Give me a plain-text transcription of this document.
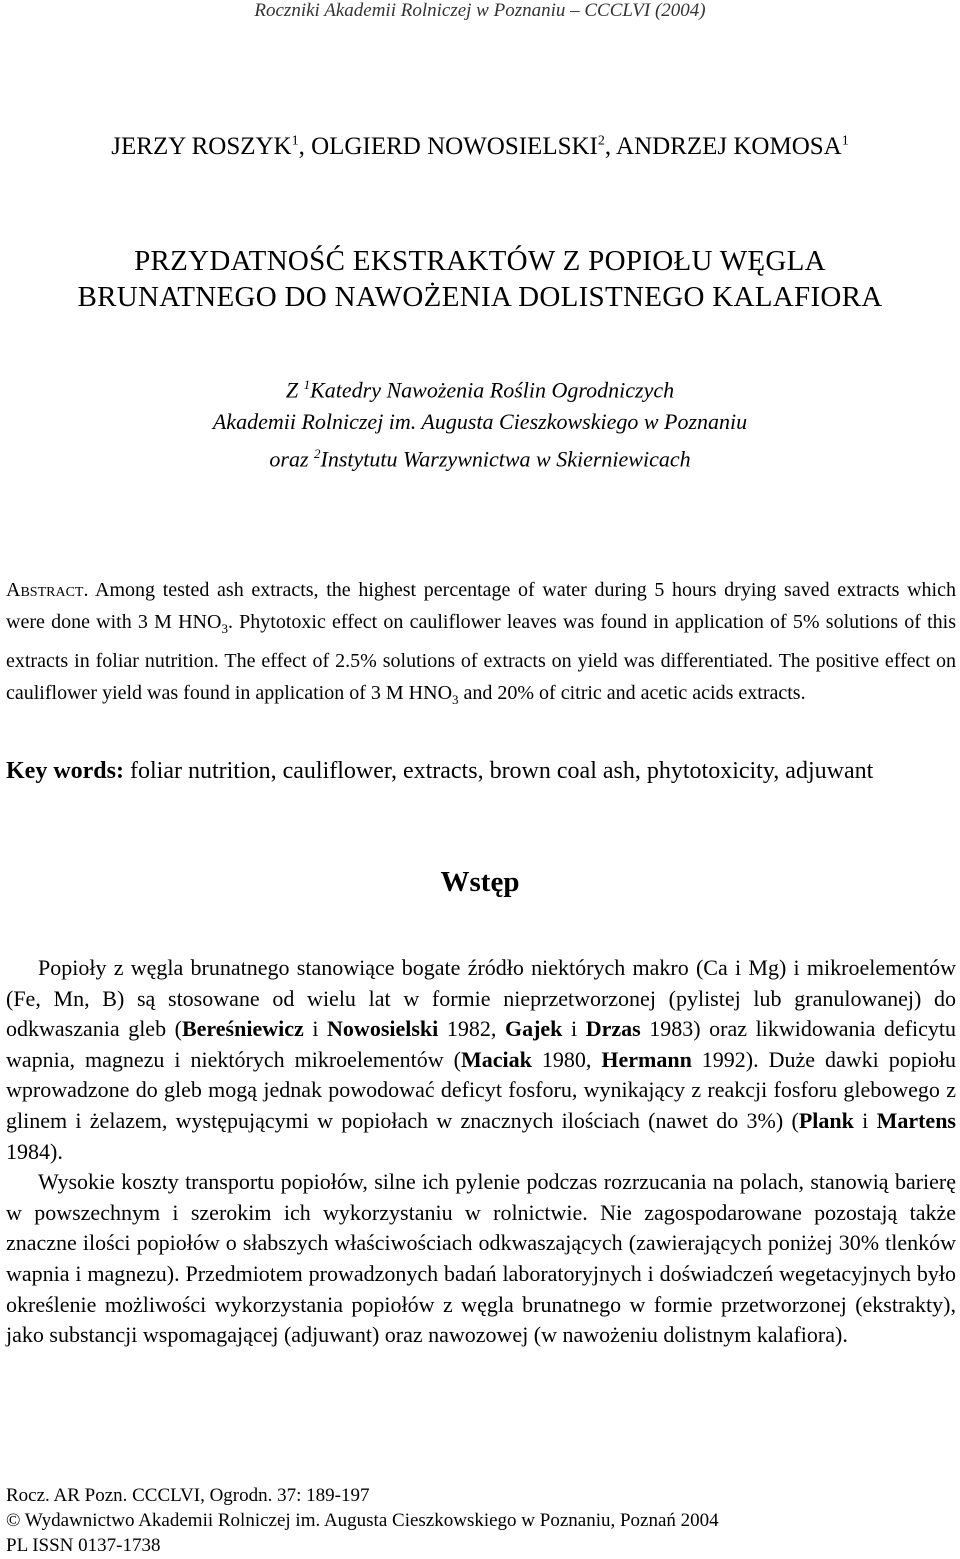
Roczniki Akademii Rolniczej w Poznaniu – CCCLVI (2004)
JERZY ROSZYK$^1$, OLGIERD NOWOSIELSKI$^2$, ANDRZEJ KOMOSA$^1$
PRZYDATNOŚĆ EKSTRAKTÓW Z POPIOŁU WĘGLA
BRUNATNEGO DO NAWOŻENIA DOLISTNEGO KALAFIORA
Z $^1$Katedry Nawożenia Roślin Ogrodniczych
Akademii Rolniczej im. Augusta Cieszkowskiego w Poznaniu
oraz $^2$Instytutu Warzywnictwa w Skierniewicach
Abstract. Among tested ash extracts, the highest percentage of water during 5 hours drying saved extracts which were done with 3 M $HNO_3$. Phytotoxic effect on cauliflower leaves was found in application of 5% solutions of this extracts in foliar nutrition. The effect of 2.5% solutions of extracts on yield was differentiated. The positive effect on cauliflower yield was found in application of 3 M $HNO_3$ and 20% of citric and acetic acids extracts.
Key words: foliar nutrition, cauliflower, extracts, brown coal ash, phytotoxicity, adjuwant
Wstęp

Popioły z węgla brunatnego stanowiące bogate źródło niektórych makro (Ca i Mg) i mikroelementów (Fe, Mn, B) są stosowane od wielu lat w formie nieprzetworzonej (pylistej lub granulowanej) do odkwaszania gleb (Bereśniewicz i Nowosielski 1982, Gajek i Drzas 1983) oraz likwidowania deficytu wapnia, magnezu i niektórych mikroelementów (Maciak 1980, Hermann 1992). Duże dawki popiołu wprowadzone do gleb mogą jednak powodować deficyt fosforu, wynikający z reakcji fosforu glebowego z glinem i żelazem, występującymi w popiołach w znacznych ilościach (nawet do 3%) (Plank i Martens 1984).

Wysokie koszty transportu popiołów, silne ich pylenie podczas rozrzucania na polach, stanowią barierę w powszechnym i szerokim ich wykorzystaniu w rolnictwie. Nie zagospodarowane pozostają także znaczne ilości popiołów o słabszych właściwościach odkwaszających (zawierających poniżej 30% tlenków wapnia i magnezu). Przedmiotem prowadzonych badań laboratoryjnych i doświadczeń wegetacyjnych było określenie możliwości wykorzystania popiołów z węgla brunatnego w formie przetworzonej (ekstrakty), jako substancji wspomagającej (adjuwant) oraz nawozowej (w nawożeniu dolistnym kalafiora).

Rocz. AR Pozn. CCCLVI, Ogrodn. 37: 189-197
© Wydawnictwo Akademii Rolniczej im. Augusta Cieszkowskiego w Poznaniu, Poznań 2004
PL ISSN 0137-1738
